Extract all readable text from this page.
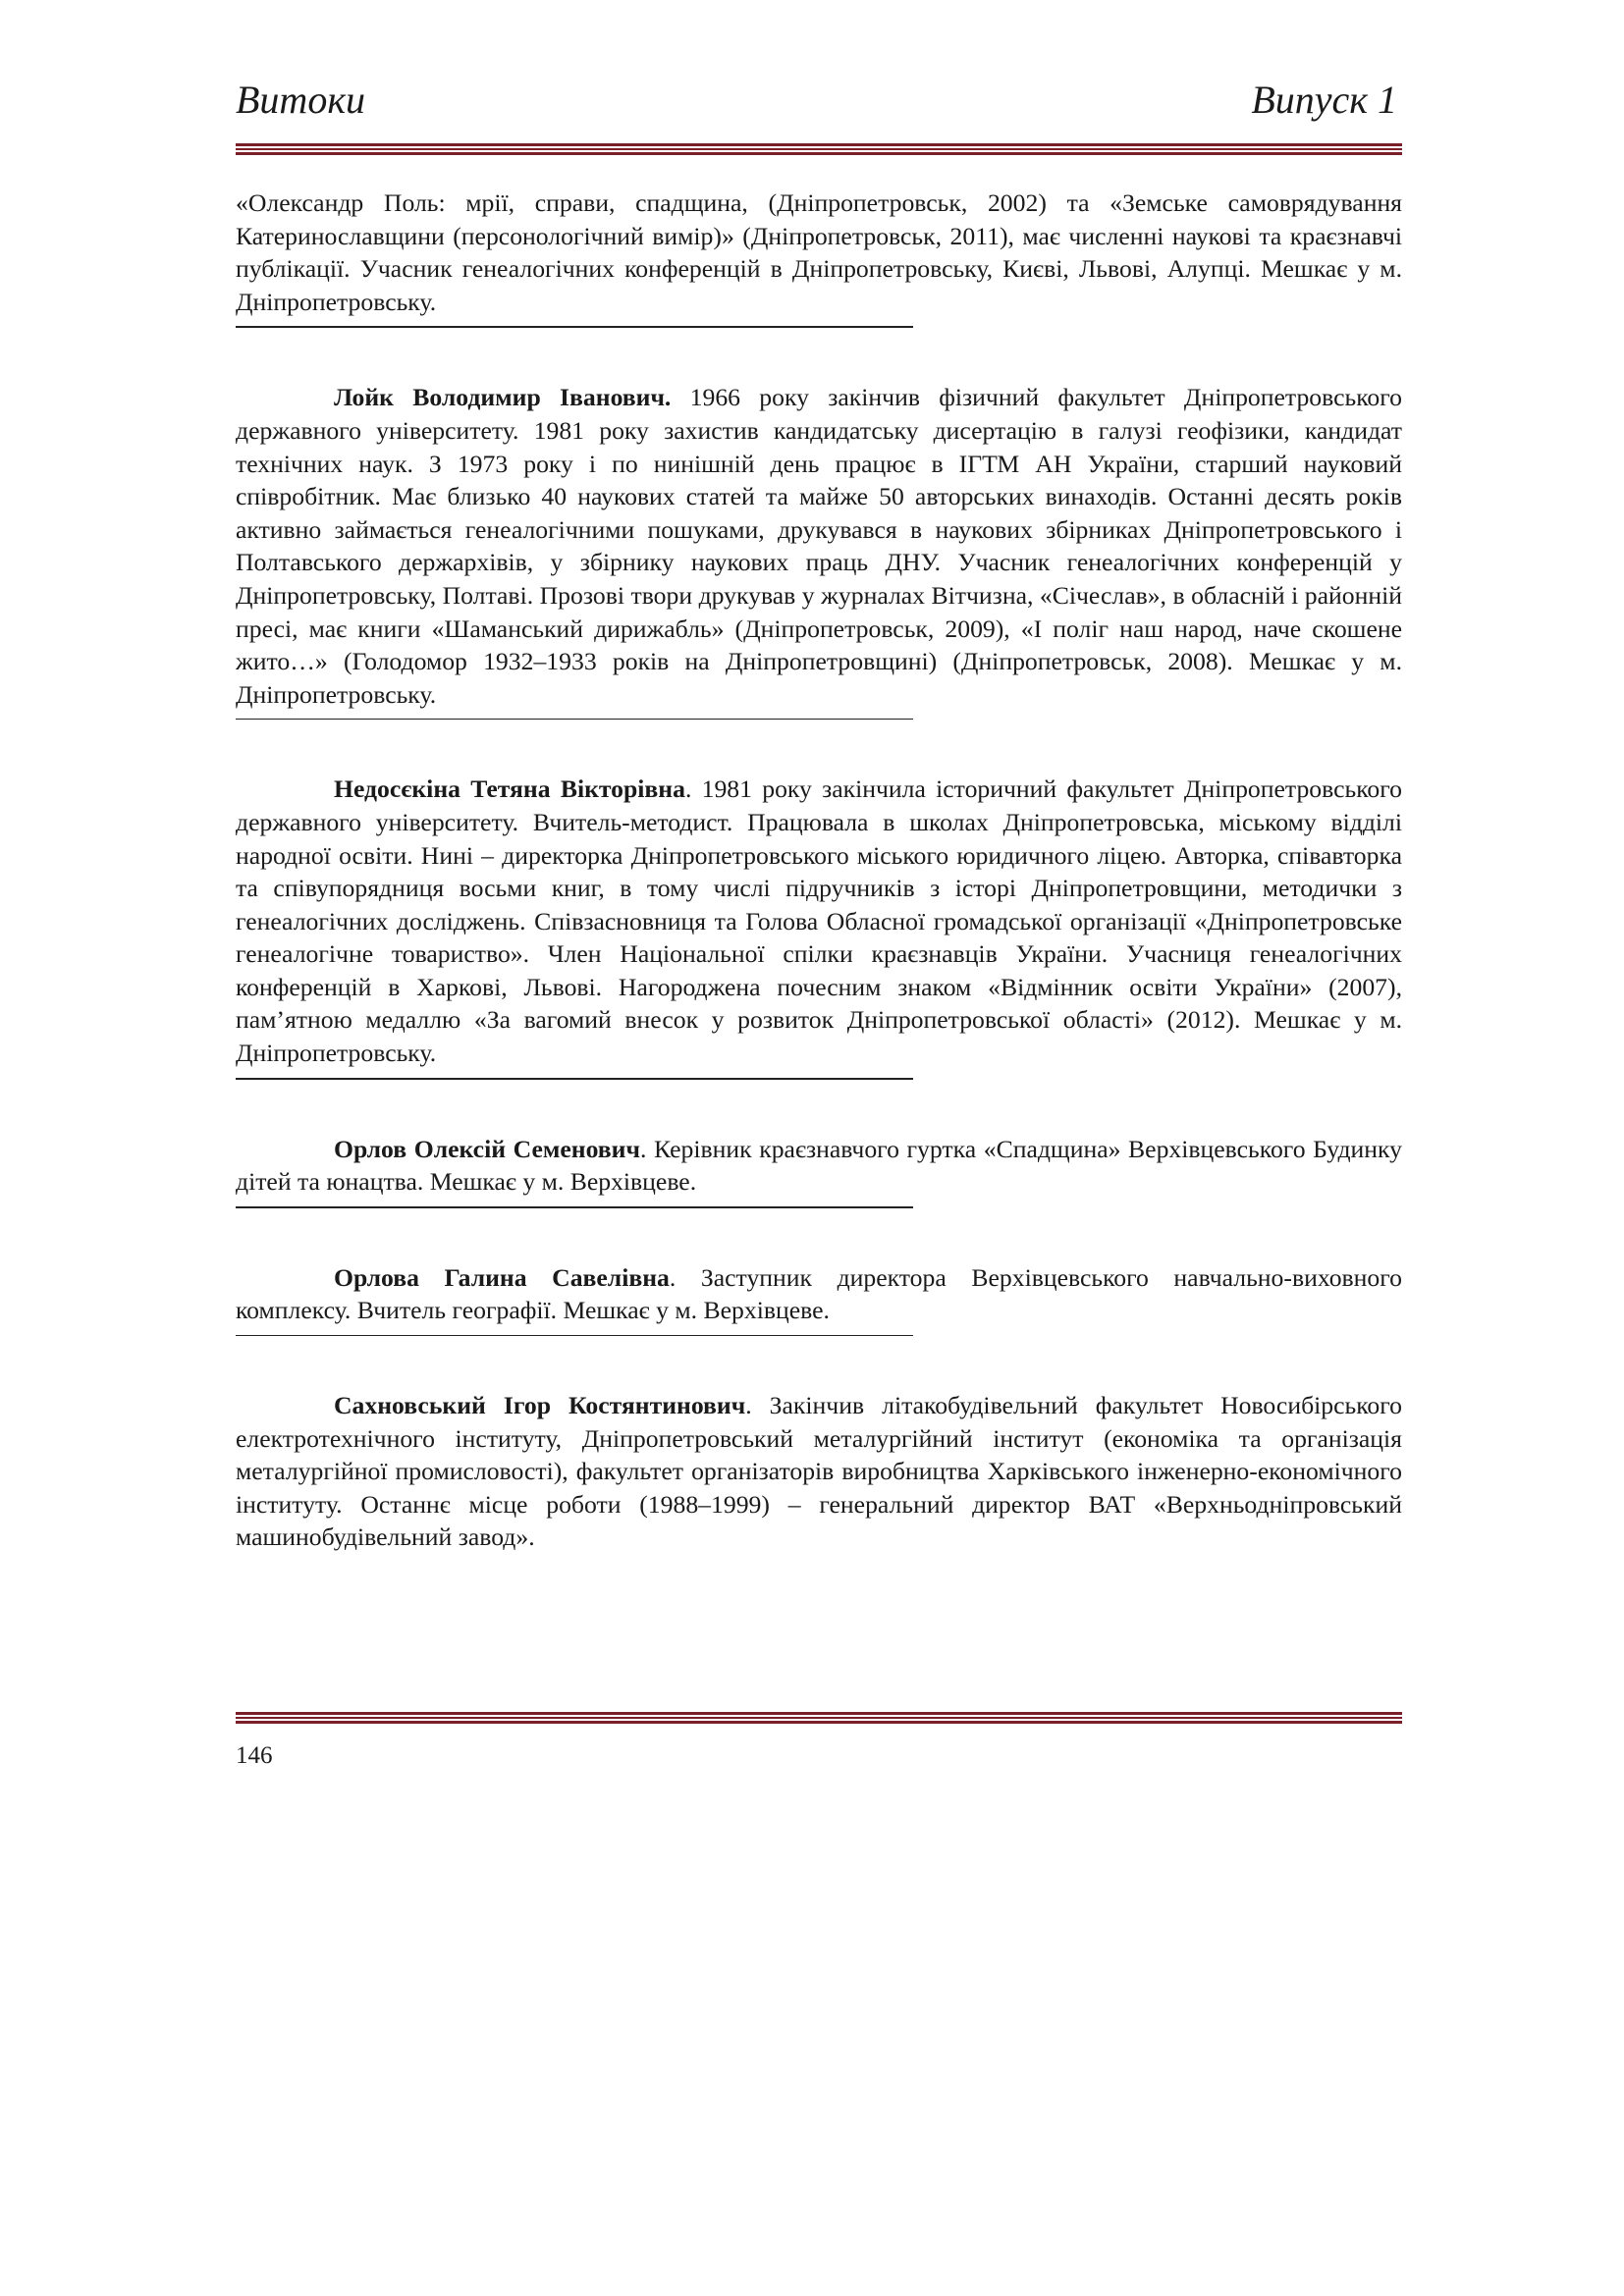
Витоки	Випуск 1

«Олександр Поль: мрії, справи, спадщина, (Дніпропетровськ, 2002) та «Земське самоврядування Катеринославщини (персонологічний вимір)» (Дніпропетровськ, 2011), має численні наукові та краєзнавчі публікації. Учасник генеалогічних конференцій в Дніпропетровську, Києві, Львові, Алупці. Мешкає у м. Дніпропетровську.

Лойк Володимир Іванович. 1966 року закінчив фізичний факультет Дніпропетровського державного університету. 1981 року захистив кандидатську дисертацію в галузі геофізики, кандидат технічних наук. З 1973 року і по нинішній день працює в ІГТМ АН України, старший науковий співробітник. Має близько 40 наукових статей та майже 50 авторських винаходів. Останні десять років активно займається генеалогічними пошуками, друкувався в наукових збірниках Дніпропетровського і Полтавського держархівів, у збірнику наукових праць ДНУ. Учасник генеалогічних конференцій у Дніпропетровську, Полтаві. Прозові твори друкував у журналах Вітчизна, «Січеслав», в обласній і районній пресі, має книги «Шаманський дирижабль» (Дніпропетровськ, 2009), «І поліг наш народ, наче скошене жито…» (Голодомор 1932–1933 років на Дніпропетровщині) (Дніпропетровськ, 2008). Мешкає у м. Дніпропетровську.

Недосєкіна Тетяна Вікторівна. 1981 року закінчила історичний факультет Дніпропетровського державного університету. Вчитель-методист. Працювала в школах Дніпропетровська, міському відділі народної освіти. Нині – директорка Дніпропетровського міського юридичного ліцею. Авторка, співавторка та співупорядниця восьми книг, в тому числі підручників з історі Дніпропетровщини, методички з генеалогічних досліджень. Співзасновниця та Голова Обласної громадської організації «Дніпропетровське генеалогічне товариство». Член Національної спілки краєзнавців України. Учасниця генеалогічних конференцій в Харкові, Львові. Нагороджена почесним знаком «Відмінник освіти України» (2007), пам’ятною медаллю «За вагомий внесок у розвиток Дніпропетровської області» (2012). Мешкає у м. Дніпропетровську.

Орлов Олексій Семенович. Керівник краєзнавчого гуртка «Спадщина» Верхівцевського Будинку дітей та юнацтва. Мешкає у м. Верхівцеве.

Орлова Галина Савелівна. Заступник директора Верхівцевського навчально-виховного комплексу. Вчитель географії. Мешкає у м. Верхівцеве.

Сахновський Ігор Костянтинович. Закінчив літакобудівельний факультет Новосибірського електротехнічного інституту, Дніпропетровський металургійний інститут (економіка та організація металургійної промисловості), факультет організаторів виробництва Харківського інженерно-економічного інституту. Останнє місце роботи (1988–1999) – генеральний директор ВАТ «Верхньодніпровський машинобудівельний завод».

146
